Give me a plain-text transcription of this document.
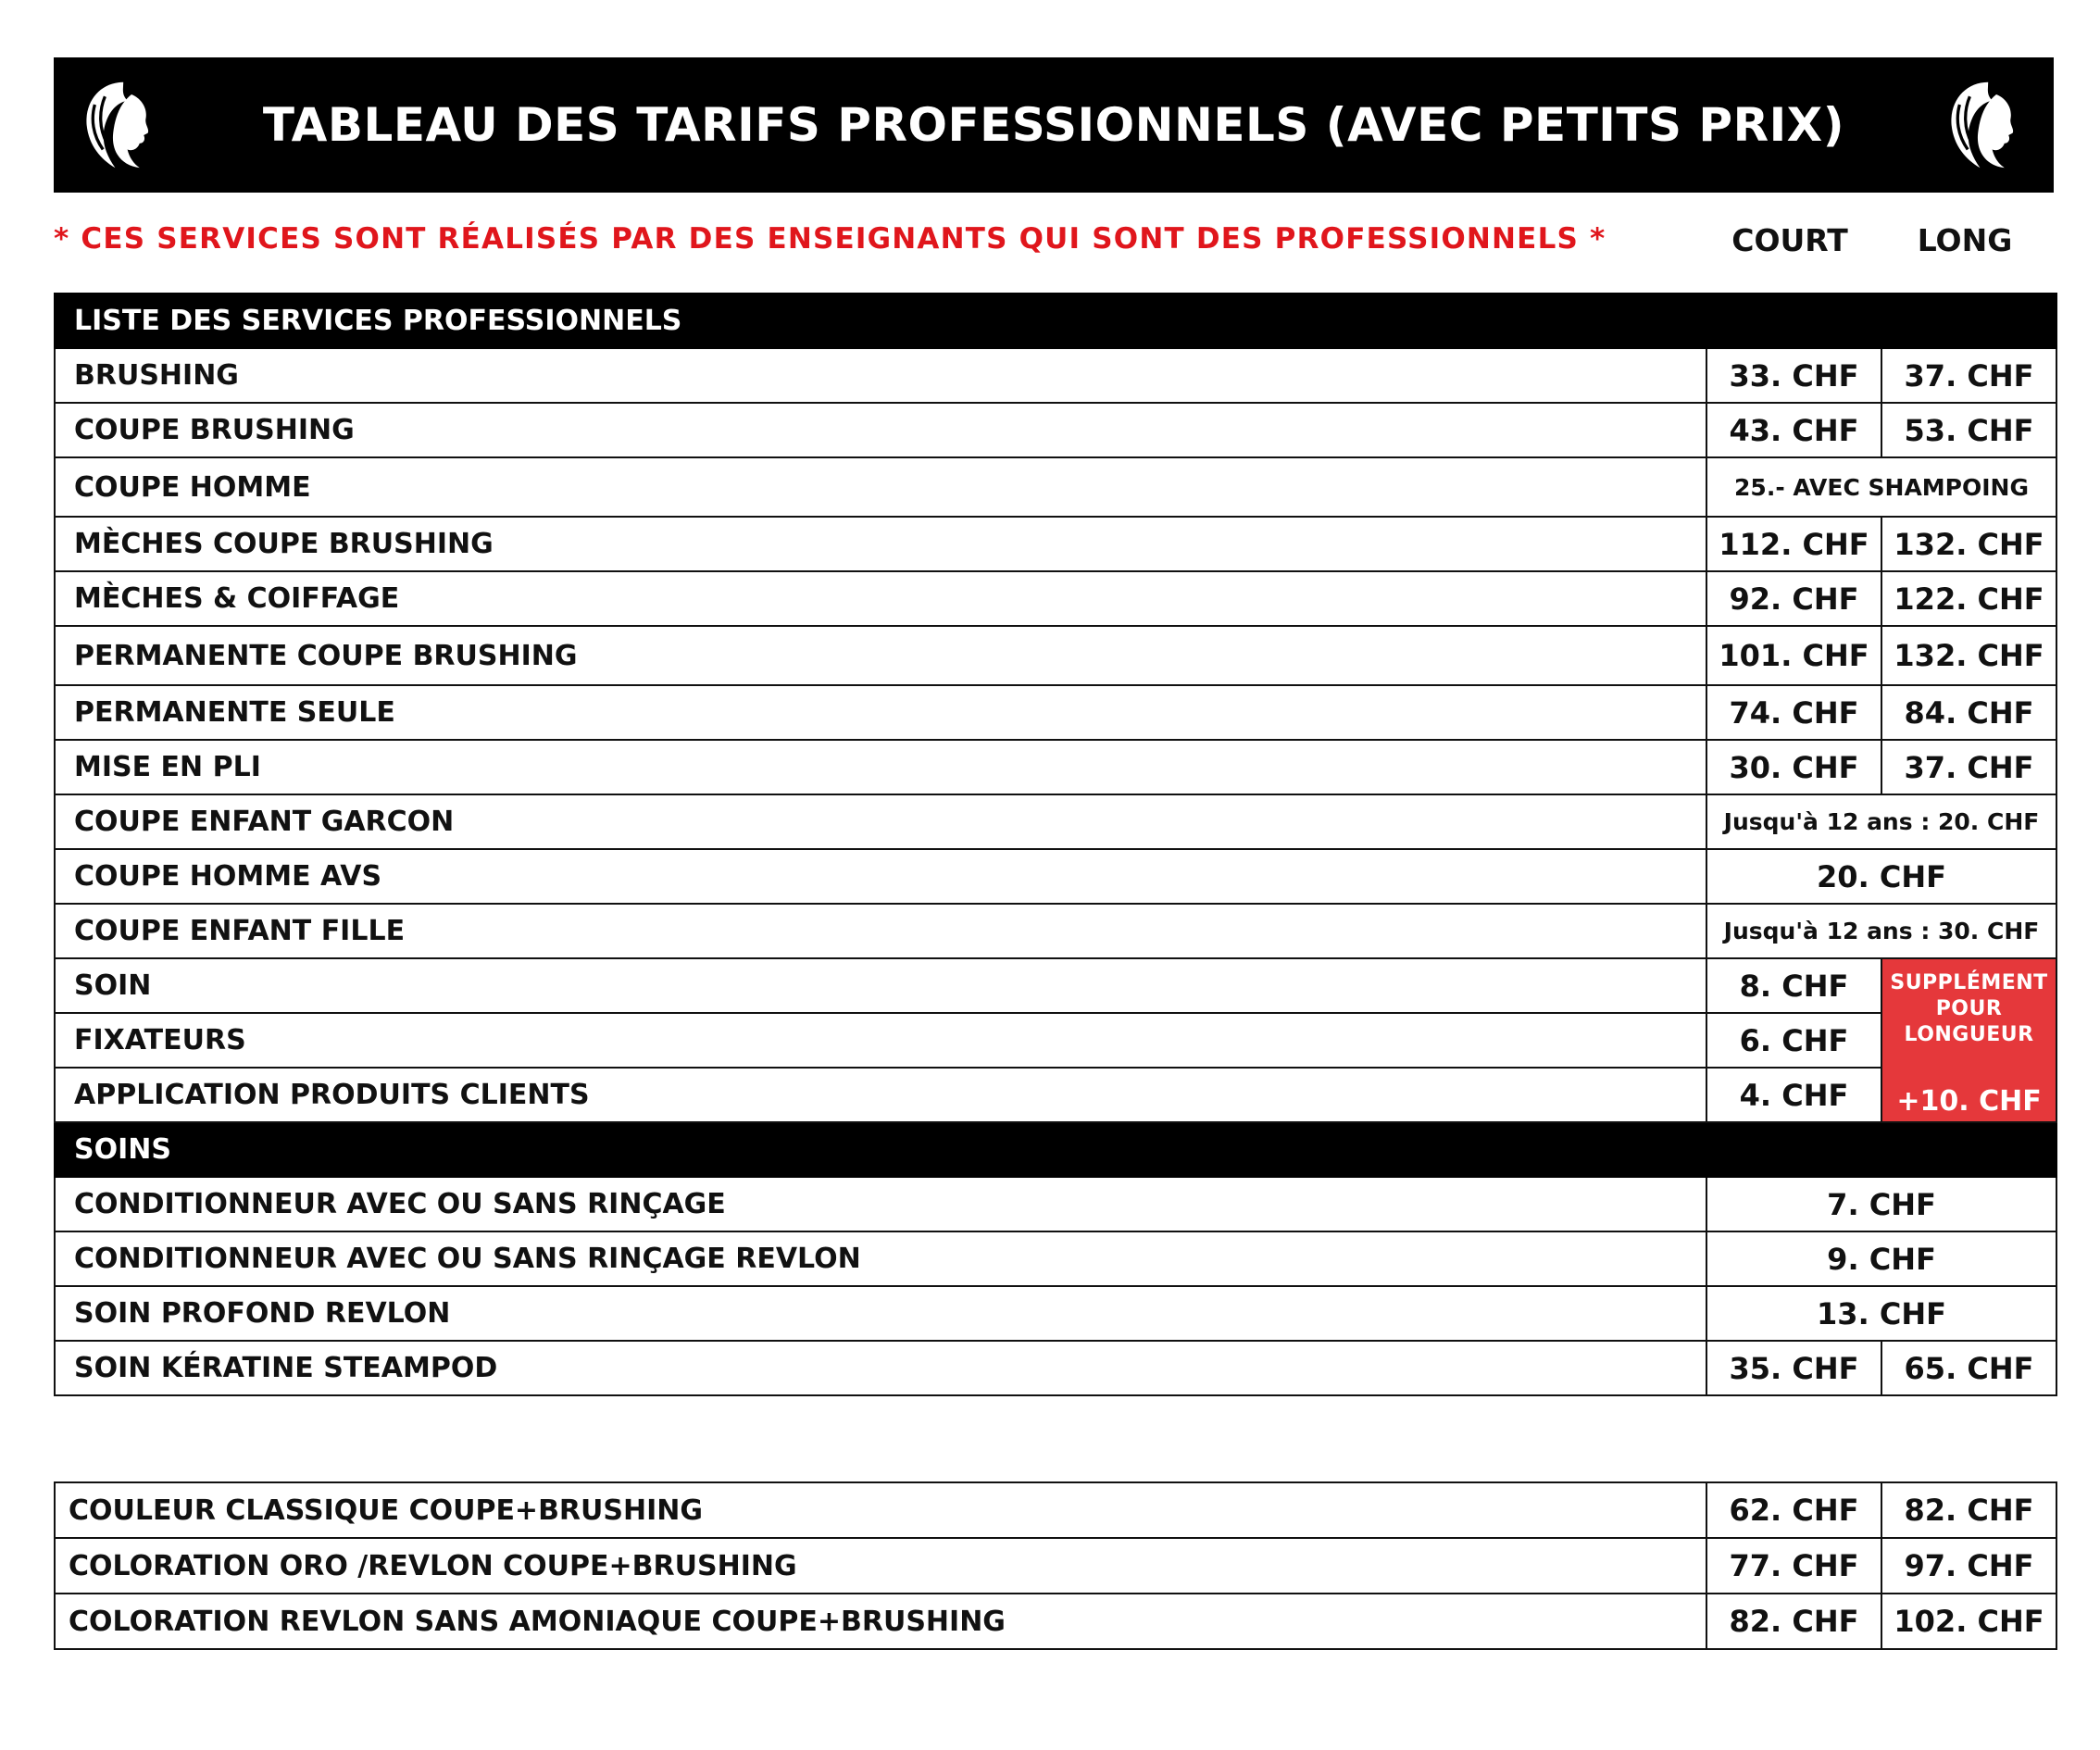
TABLEAU DES TARIFS PROFESSIONNELS (AVEC PETITS PRIX)
* CES SERVICES SONT RÉALISÉS PAR DES ENSEIGNANTS QUI SONT DES PROFESSIONNELS *	COURT	LONG
LISTE DES SERVICES PROFESSIONNELS		
BRUSHING	33. CHF	37. CHF
COUPE BRUSHING	43. CHF	53. CHF
COUPE HOMME	25.- AVEC SHAMPOING	
MÈCHES COUPE BRUSHING	112. CHF	132. CHF
MÈCHES & COIFFAGE	92. CHF	122. CHF
PERMANENTE COUPE BRUSHING	101. CHF	132. CHF
PERMANENTE SEULE	74. CHF	84. CHF
MISE EN PLI	30. CHF	37. CHF
COUPE ENFANT GARCON	Jusqu'à 12 ans : 20. CHF	
COUPE HOMME AVS	20. CHF	
COUPE ENFANT FILLE	Jusqu'à 12 ans : 30. CHF	
SOIN	8. CHF	SUPPLÉMENT POUR LONGUEUR
+10. CHF

FIXATEURS	6. CHF	
APPLICATION PRODUITS CLIENTS	4. CHF	
SOINS		
CONDITIONNEUR AVEC OU SANS RINÇAGE	7. CHF	
CONDITIONNEUR AVEC OU SANS RINÇAGE REVLON	9. CHF	
SOIN PROFOND REVLON	13. CHF	
SOIN KÉRATINE STEAMPOD	35. CHF	65. CHF
COULEUR CLASSIQUE COUPE+BRUSHING	62. CHF	82. CHF
COLORATION ORO /REVLON COUPE+BRUSHING	77. CHF	97. CHF
COLORATION REVLON SANS AMONIAQUE COUPE+BRUSHING	82. CHF	102. CHF
